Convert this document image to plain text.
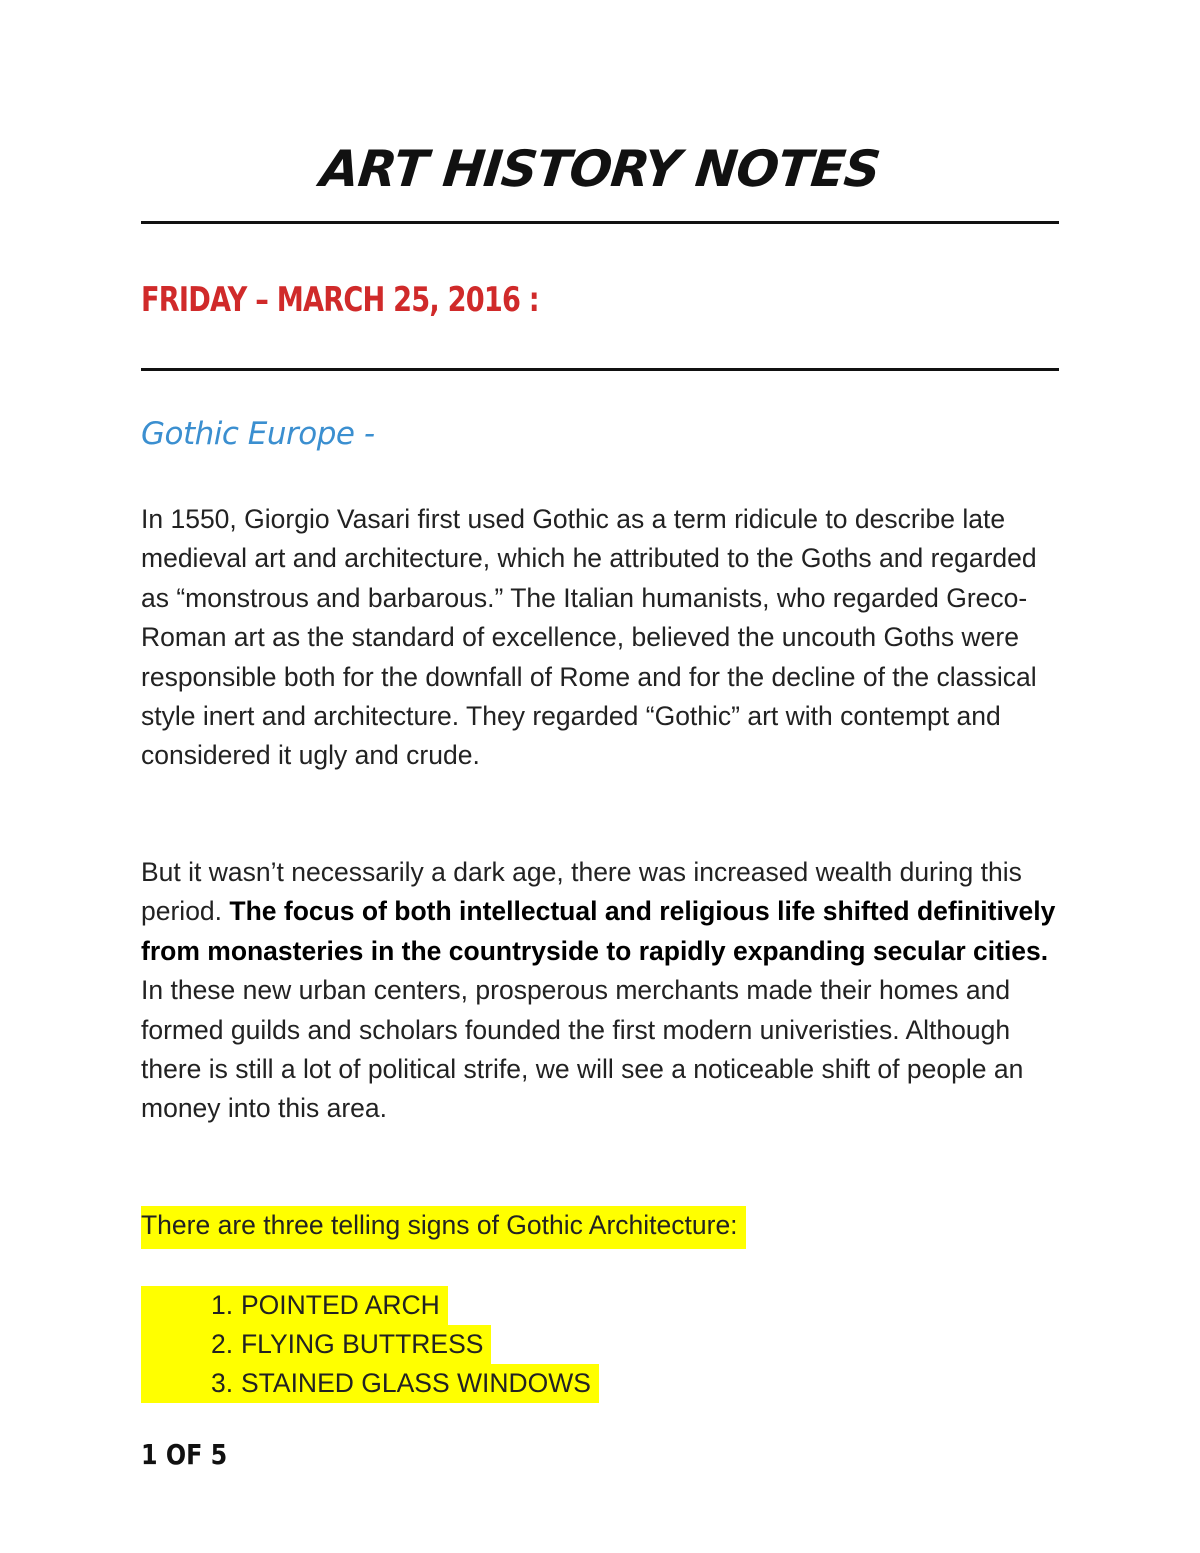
ART HISTORY NOTES
FRIDAY – MARCH 25, 2016 :
Gothic Europe -

In 1550, Giorgio Vasari first used Gothic as a term ridicule to describe late medieval art and architecture, which he attributed to the Goths and regarded as “monstrous and barbarous.” The Italian humanists, who regarded Greco-Roman art as the standard of excellence, believed the uncouth Goths were responsible both for the downfall of Rome and for the decline of the classical style inert and architecture. They regarded “Gothic” art with contempt and considered it ugly and crude.

But it wasn’t necessarily a dark age, there was increased wealth during this period. The focus of both intellectual and religious life shifted definitively from monasteries in the countryside to rapidly expanding secular cities. In these new urban centers, prosperous merchants made their homes and formed guilds and scholars founded the first modern univeristies. Although there is still a lot of political strife, we will see a noticeable shift of people an money into this area.

There are three telling signs of Gothic Architecture:
1. POINTED ARCH
2. FLYING BUTTRESS
3. STAINED GLASS WINDOWS
1 OF 5
